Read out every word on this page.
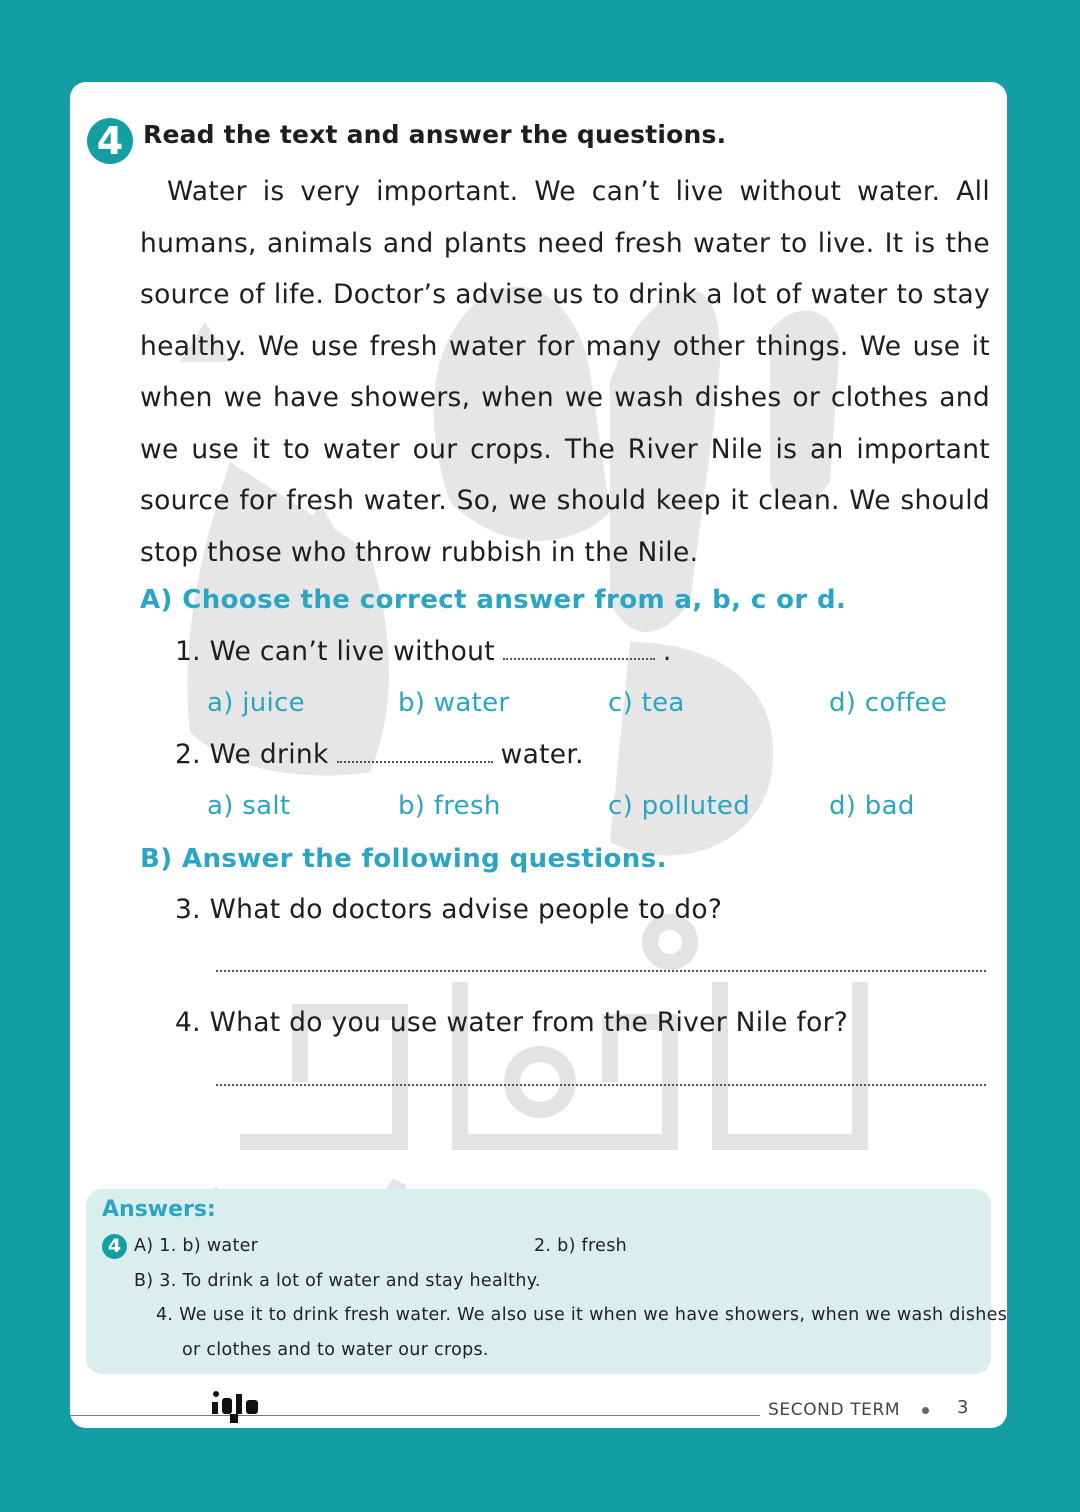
4 Read the text and answer the questions.
Water is very important. We can’t live without water. All humans, animals and plants need fresh water to live. It is the source of life. Doctor’s advise us to drink a lot of water to stay healthy. We use fresh water for many other things. We use it when we have showers, when we wash dishes or clothes and we use it to water our crops. The River Nile is an important source for fresh water. So, we should keep it clean. We should stop those who throw rubbish in the Nile.
A) Choose the correct answer from a, b, c or d.
1. We can’t live without	.
a) juice	b) water	c) tea	d) coffee
2. We drink	water.
a) salt	b) fresh	c) polluted	d) bad
B) Answer the following questions.
3. What do doctors advise people to do?
4. What do you use water from the River Nile for?
Answers:
4 A) 1. b) water	2. b) fresh
B) 3. To drink a lot of water and stay healthy.
4. We use it to drink fresh water. We also use it when we have showers, when we wash dishes
or clothes and to water our crops.
SECOND TERM	3
